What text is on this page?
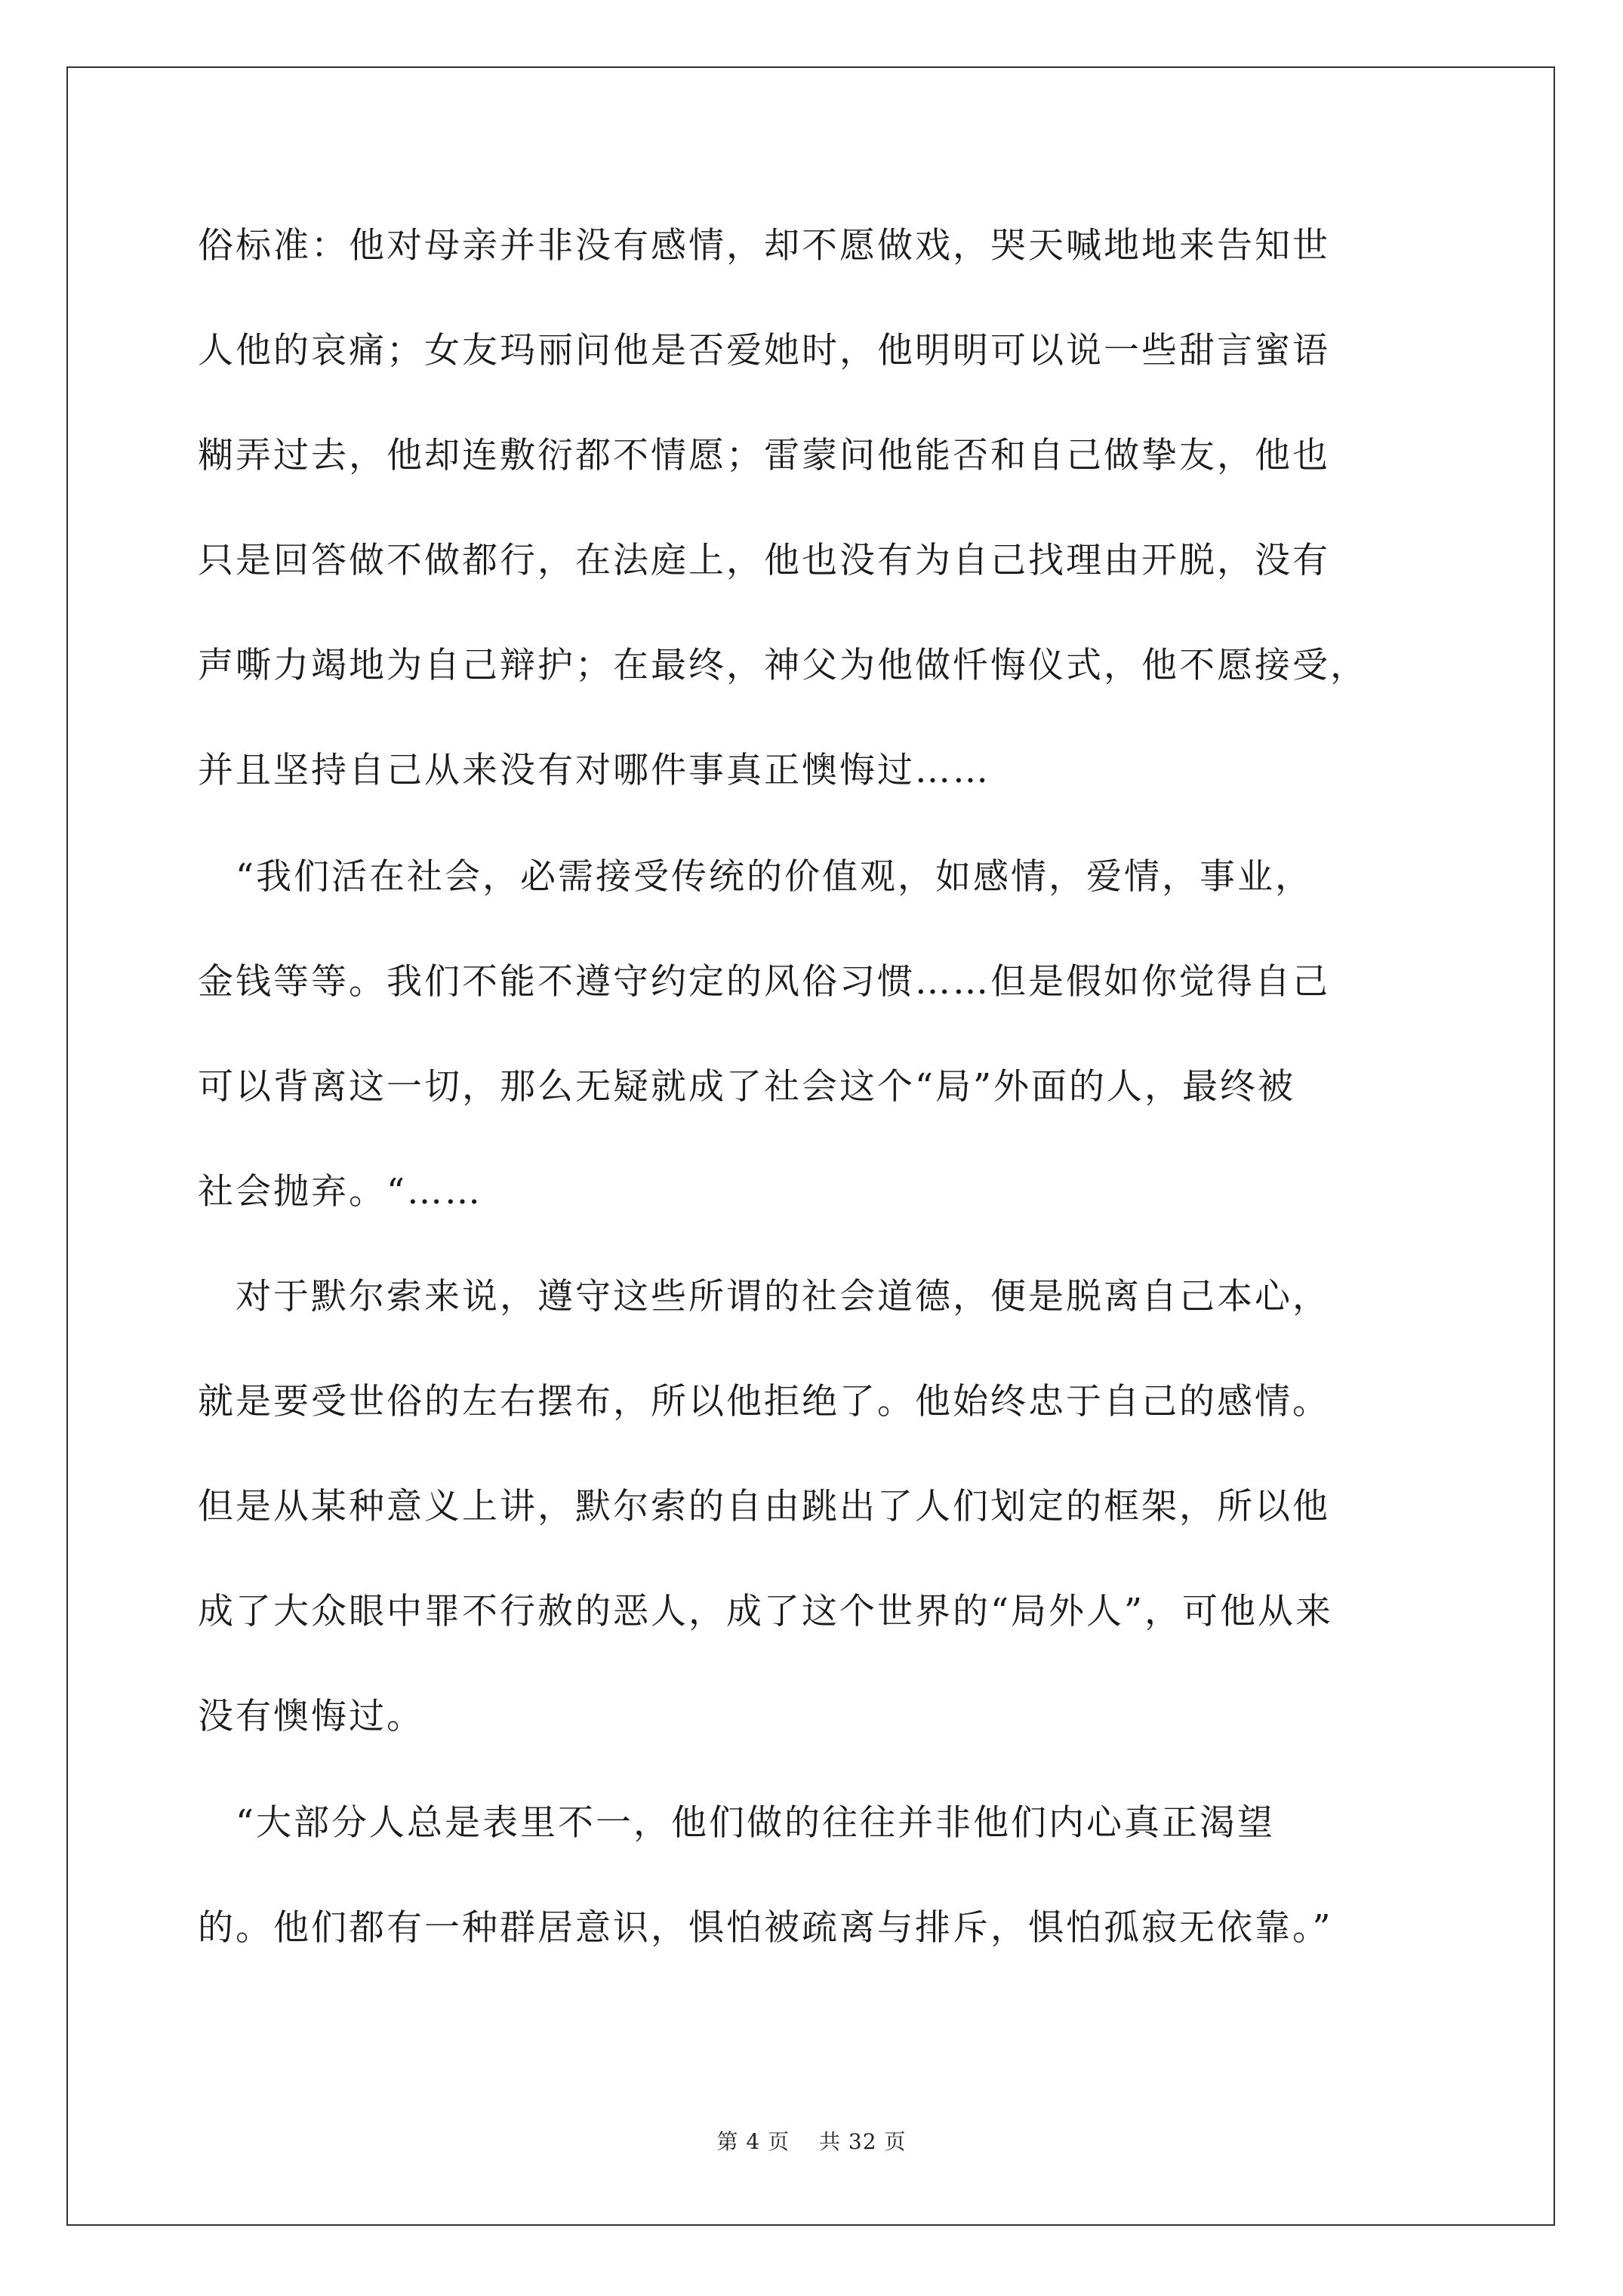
俗标准：他对母亲并非没有感情，却不愿做戏，哭天喊地地来告知世
人他的哀痛；女友玛丽问他是否爱她时，他明明可以说一些甜言蜜语
糊弄过去，他却连敷衍都不情愿；雷蒙问他能否和自己做挚友，他也
只是回答做不做都行，在法庭上，他也没有为自己找理由开脱，没有
声嘶力竭地为自己辩护；在最终，神父为他做忏悔仪式，他不愿接受，
并且坚持自己从来没有对哪件事真正懊悔过……
　“我们活在社会，必需接受传统的价值观，如感情，爱情，事业，
金钱等等。我们不能不遵守约定的风俗习惯……但是假如你觉得自己
可以背离这一切，那么无疑就成了社会这个“局”外面的人，最终被
社会抛弃。“……
　对于默尔索来说，遵守这些所谓的社会道德，便是脱离自己本心，
就是要受世俗的左右摆布，所以他拒绝了。他始终忠于自己的感情。
但是从某种意义上讲，默尔索的自由跳出了人们划定的框架，所以他
成了大众眼中罪不行赦的恶人，成了这个世界的“局外人”，可他从来
没有懊悔过。
　“大部分人总是表里不一，他们做的往往并非他们内心真正渴望
的。他们都有一种群居意识，惧怕被疏离与排斥，惧怕孤寂无依靠。”
第 4 页　 共 32 页
